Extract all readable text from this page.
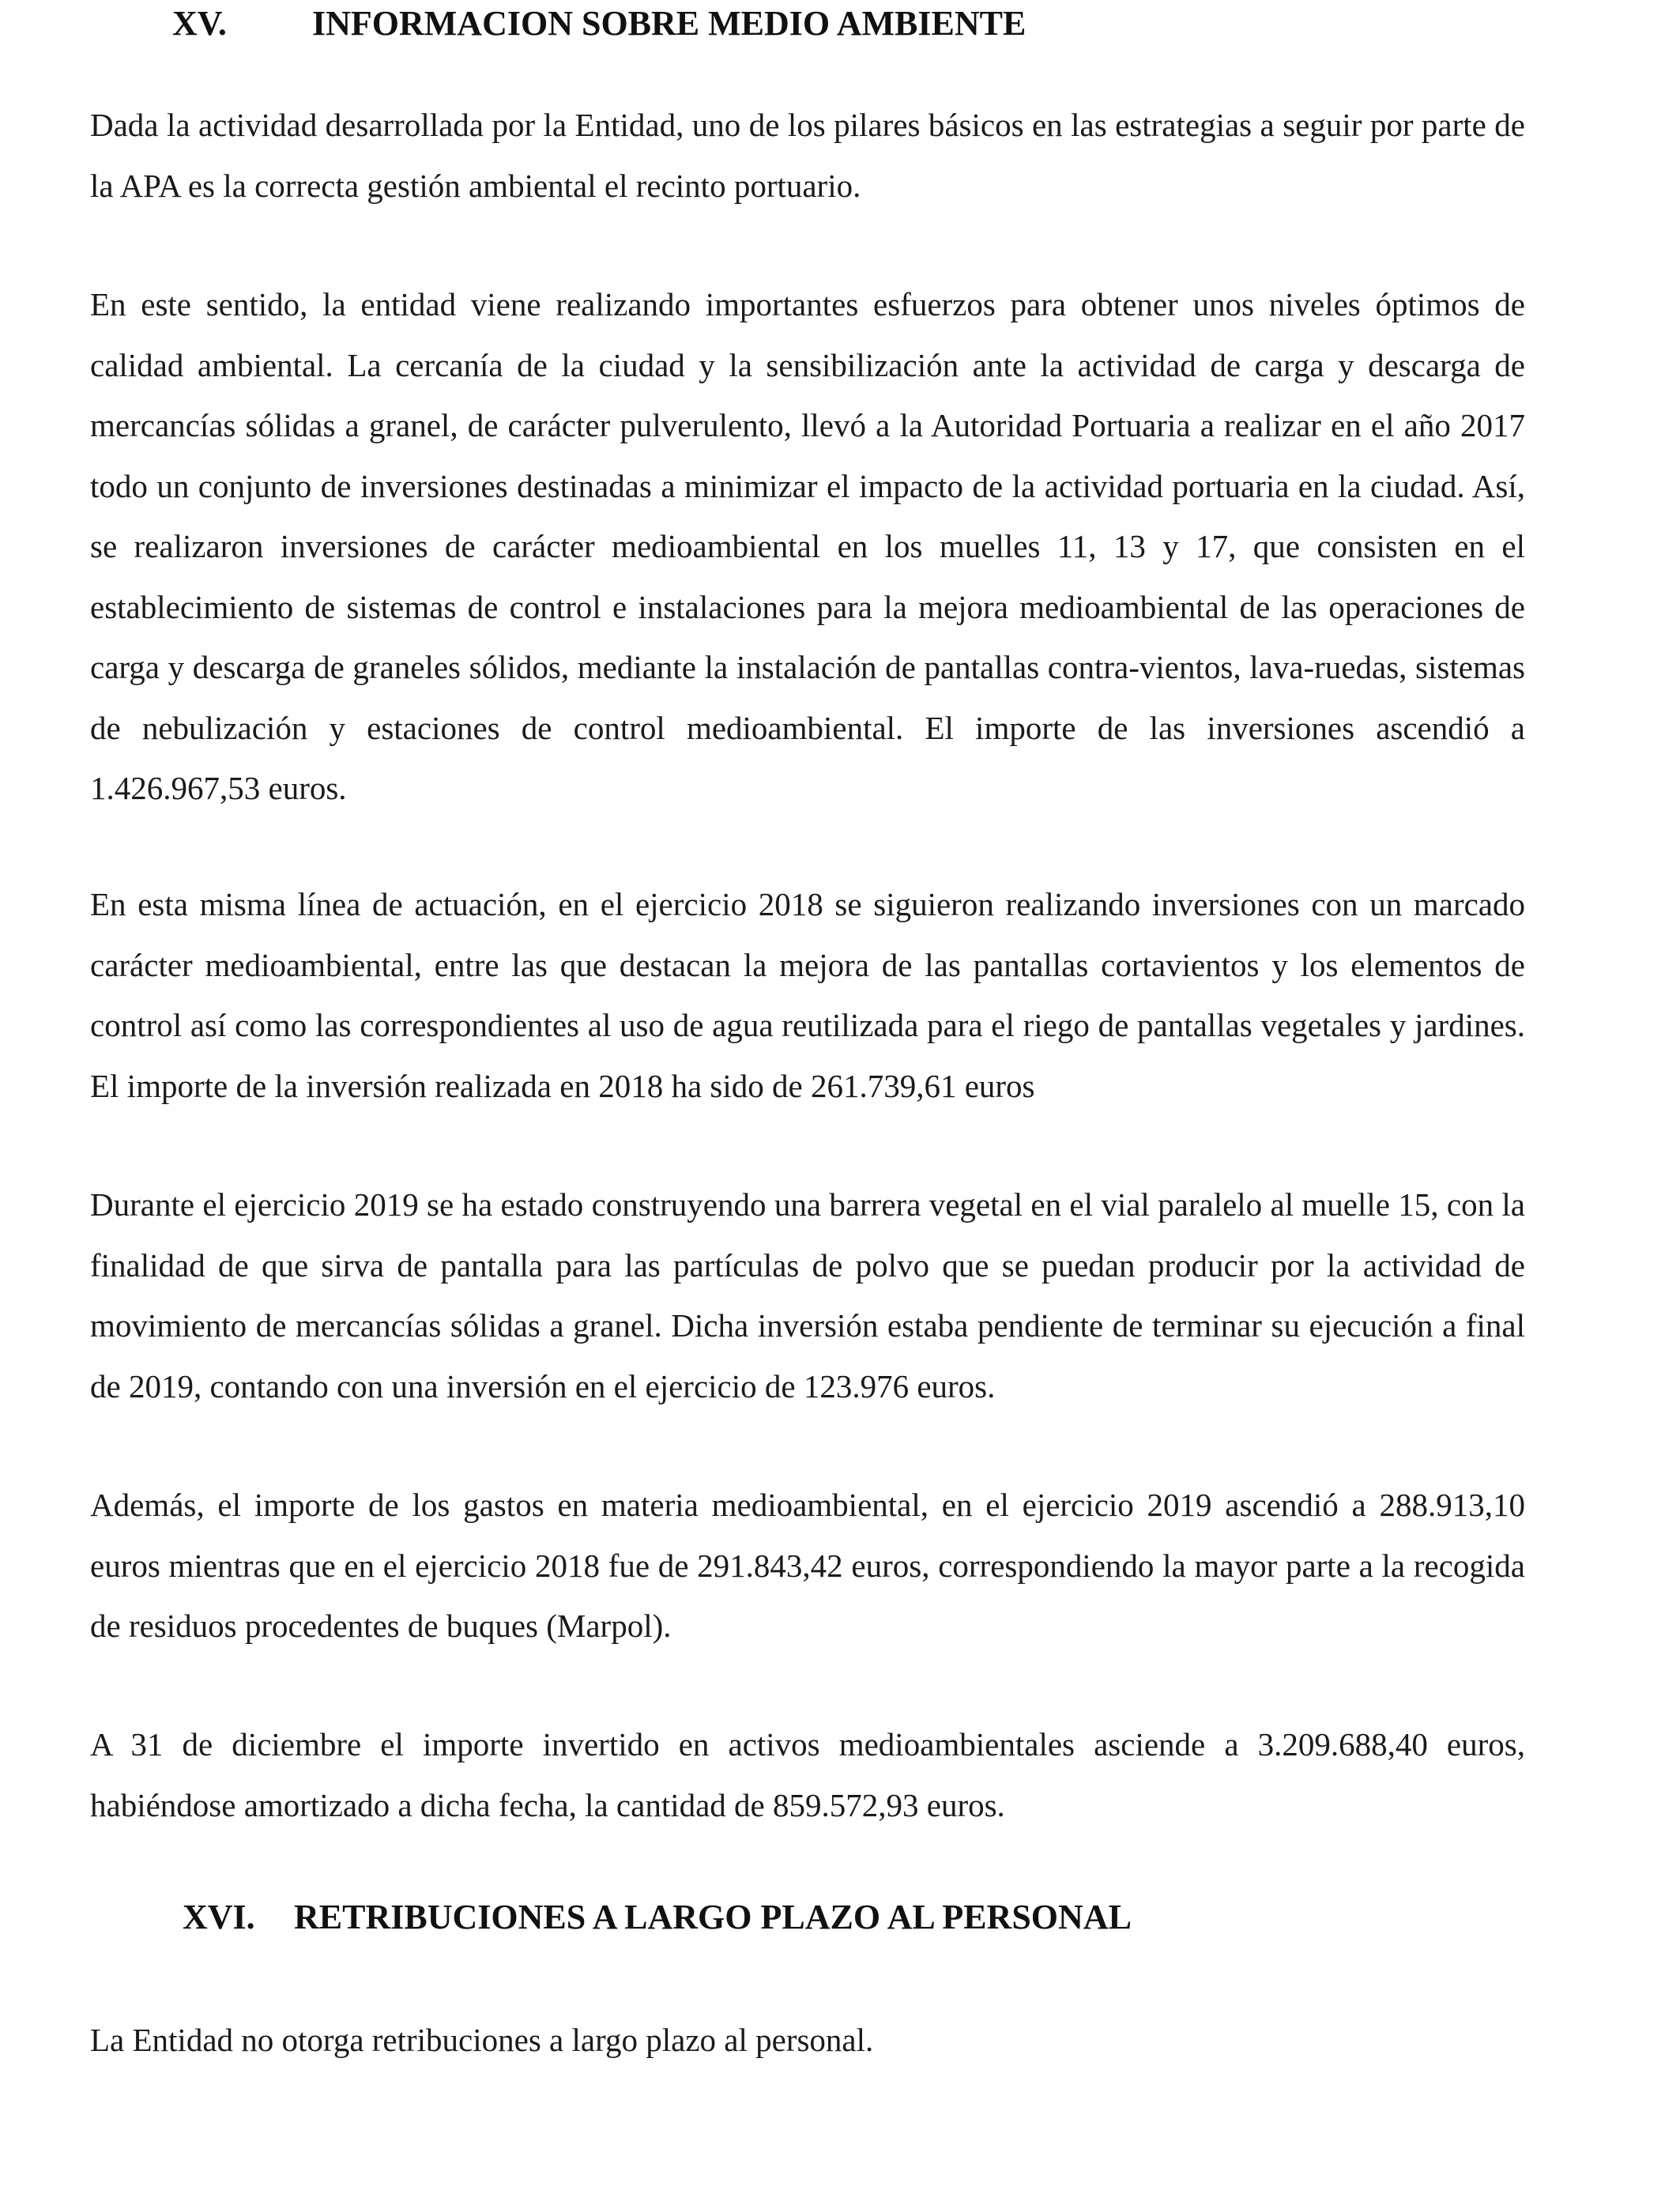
XV. INFORMACION SOBRE MEDIO AMBIENTE

Dada la actividad desarrollada por la Entidad, uno de los pilares básicos en las estrategias a seguir por parte de la APA es la correcta gestión ambiental el recinto portuario.

En este sentido, la entidad viene realizando importantes esfuerzos para obtener unos niveles óptimos de calidad ambiental. La cercanía de la ciudad y la sensibilización ante la actividad de carga y descarga de mercancías sólidas a granel, de carácter pulverulento, llevó a la Autoridad Portuaria a realizar en el año 2017 todo un conjunto de inversiones destinadas a minimizar el impacto de la actividad portuaria en la ciudad. Así, se realizaron inversiones de carácter medioambiental en los muelles 11, 13 y 17, que consisten en el establecimiento de sistemas de control e instalaciones para la mejora medioambiental de las operaciones de carga y descarga de graneles sólidos, mediante la instalación de pantallas contra-vientos, lava-ruedas, sistemas de nebulización y estaciones de control medioambiental. El importe de las inversiones ascendió a 1.426.967,53 euros.

En esta misma línea de actuación, en el ejercicio 2018 se siguieron realizando inversiones con un marcado carácter medioambiental, entre las que destacan la mejora de las pantallas cortavientos y los elementos de control así como las correspondientes al uso de agua reutilizada para el riego de pantallas vegetales y jardines. El importe de la inversión realizada en 2018 ha sido de 261.739,61 euros

Durante el ejercicio 2019 se ha estado construyendo una barrera vegetal en el vial paralelo al muelle 15, con la finalidad de que sirva de pantalla para las partículas de polvo que se puedan producir por la actividad de movimiento de mercancías sólidas a granel. Dicha inversión estaba pendiente de terminar su ejecución a final de 2019, contando con una inversión en el ejercicio de 123.976 euros.

Además, el importe de los gastos en materia medioambiental, en el ejercicio 2019 ascendió a 288.913,10 euros mientras que en el ejercicio 2018 fue de 291.843,42 euros, correspondiendo la mayor parte a la recogida de residuos procedentes de buques (Marpol).

A 31 de diciembre el importe invertido en activos medioambientales asciende a 3.209.688,40 euros, habiéndose amortizado a dicha fecha, la cantidad de 859.572,93 euros.

XVI. RETRIBUCIONES A LARGO PLAZO AL PERSONAL

La Entidad no otorga retribuciones a largo plazo al personal.
